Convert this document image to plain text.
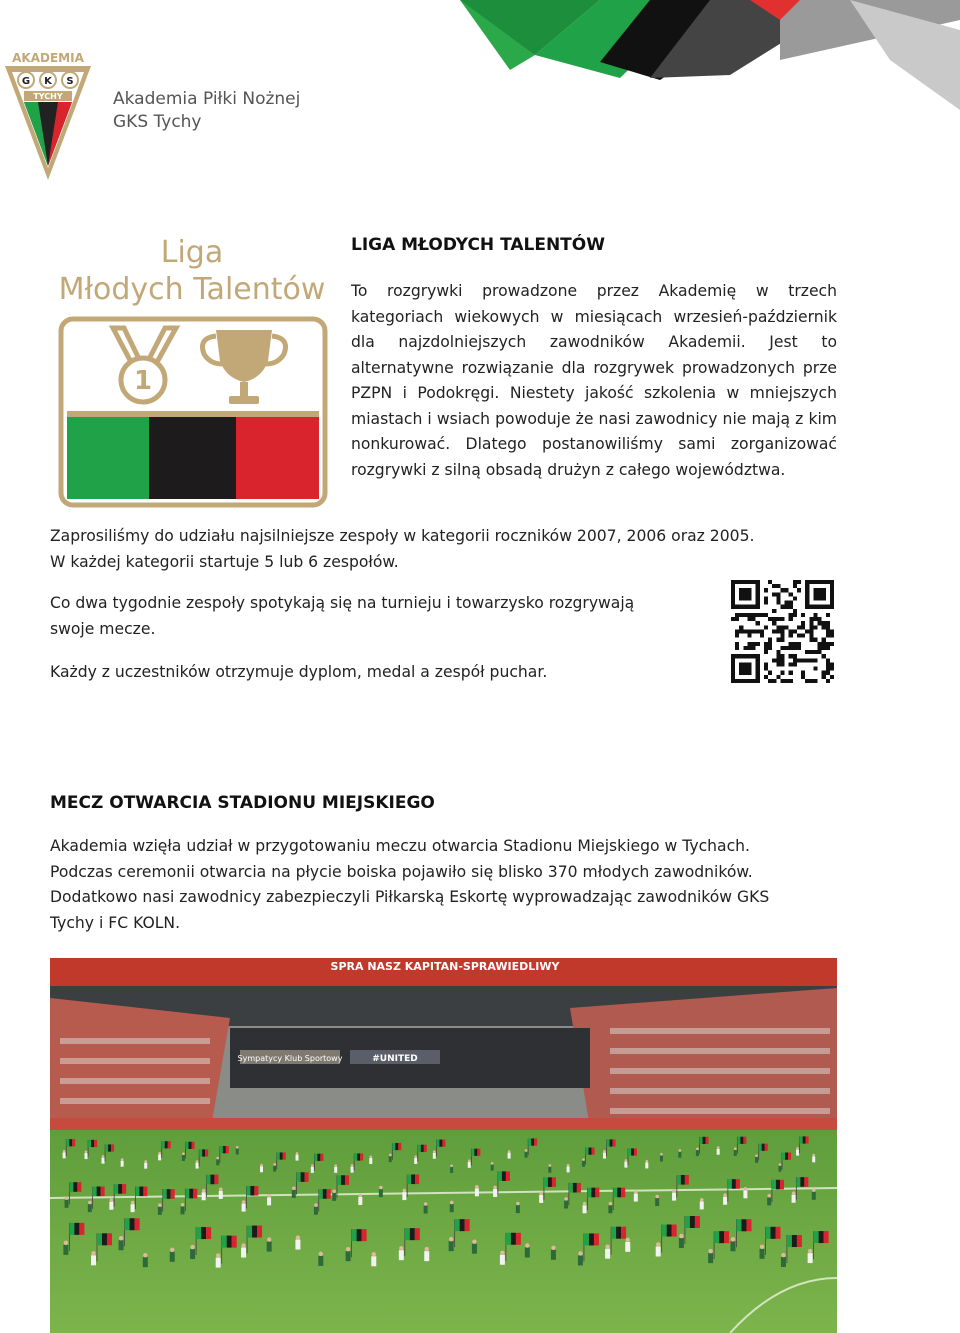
AKADEMIA
G K S
TYCHY	Akademia Piłki Nożnej
GKS Tychy
Liga
Młodych Talentów
1
LIGA MŁODYCH TALENTÓW
To rozgrywki prowadzone przez Akademię w trzech kategoriach wiekowych w miesiącach wrzesień-październik dla najzdolniejszych zawodników Akademii. Jest to alternatywne rozwiązanie dla rozgrywek prowadzonych prze PZPN i Podokręgi. Niestety jakość szkolenia w mniejszych miastach i wsiach powoduje że nasi zawodnicy nie mają z kim nonkurować. Dlatego postanowiliśmy sami zorganizować rozgrywki z silną obsadą drużyn z całego województwa.
Zaprosiliśmy do udziału najsilniejsze zespoły w kategorii roczników 2007, 2006 oraz 2005.
W każdej kategorii startuje 5 lub 6 zespołów.
Co dwa tygodnie zespoły spotykają się na turnieju i towarzysko rozgrywają
swoje mecze.
Każdy z uczestników otrzymuje dyplom, medal a zespół puchar.
MECZ OTWARCIA STADIONU MIEJSKIEGO
Akademia wzięła udział w przygotowaniu meczu otwarcia Stadionu Miejskiego w Tychach.
Podczas ceremonii otwarcia na płycie boiska pojawiło się blisko 370 młodych zawodników.
Dodatkowo nasi zawodnicy zabezpieczyli Piłkarską Eskortę wyprowadzając zawodników GKS
Tychy i FC KOLN.
Sympatycy Klub Sportowy	#UNITED
SPRA NASZ KAPITAN-SPRAWIEDLIWY
